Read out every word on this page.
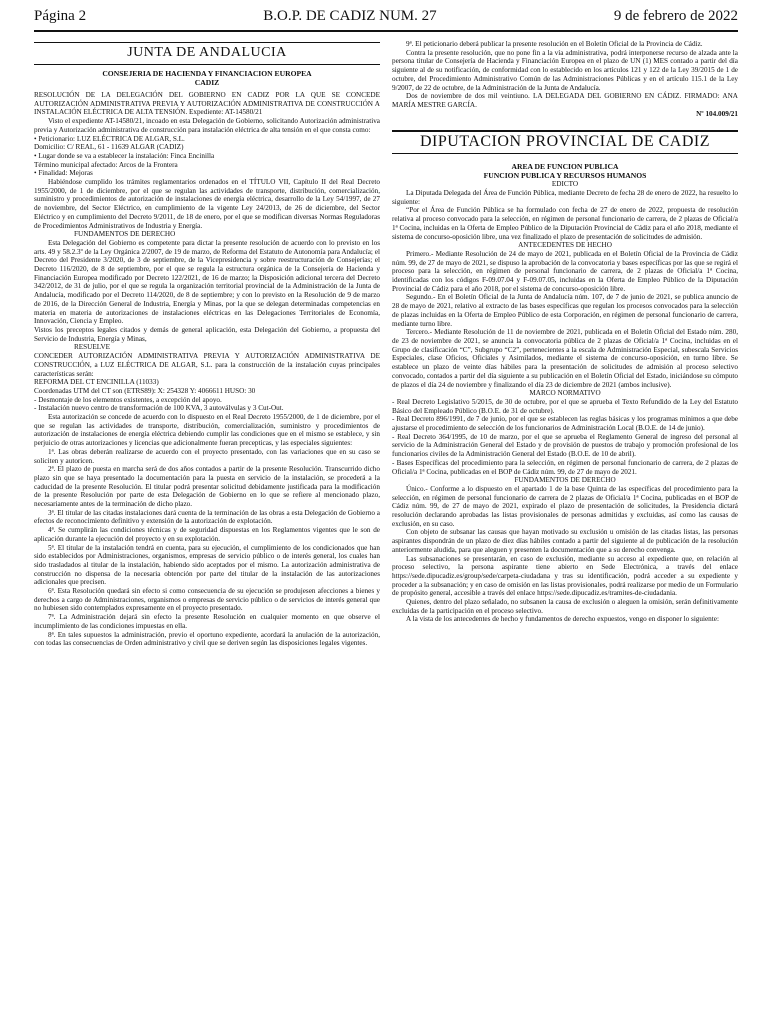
Página 2	B.O.P. DE CADIZ NUM. 27	9 de febrero de 2022
JUNTA DE ANDALUCIA

CONSEJERIA DE HACIENDA Y FINANCIACION EUROPEA

CADIZ

RESOLUCIÓN DE LA DELEGACIÓN DEL GOBIERNO EN CADIZ POR LA QUE SE CONCEDE AUTORIZACIÓN ADMINISTRATIVA PREVIA Y AUTORIZACIÓN ADMINISTRATIVA DE CONSTRUCCIÓN A INSTALACIÓN ELÉCTRICA DE ALTA TENSIÓN. Expediente: AT-14580/21

Visto el expediente AT-14580/21, incoado en esta Delegación de Gobierno, solicitando Autorización administrativa previa y Autorización administrativa de construcción para instalación eléctrica de alta tensión en el que consta como:

• Peticionario: LUZ ELÉCTRICA DE ALGAR, S.L.

Domicilio: C/ REAL, 61 - 11639 ALGAR (CADIZ)

• Lugar donde se va a establecer la instalación: Finca Encinilla

Término municipal afectado: Arcos de la Frontera

• Finalidad: Mejoras

Habiéndose cumplido los trámites reglamentarios ordenados en el TÍTULO VII, Capítulo II del Real Decreto 1955/2000, de 1 de diciembre, por el que se regulan las actividades de transporte, distribución, comercialización, suministro y procedimientos de autorización de instalaciones de energía eléctrica, desarrollo de la Ley 54/1997, de 27 de noviembre, del Sector Eléctrico, en cumplimiento de la vigente Ley 24/2013, de 26 de diciembre, del Sector Eléctrico y en cumplimiento del Decreto 9/2011, de 18 de enero, por el que se modifican diversas Normas Reguladoras de Procedimientos Administrativos de Industria y Energía.

FUNDAMENTOS DE DERECHO

Esta Delegación del Gobierno es competente para dictar la presente resolución de acuerdo con lo previsto en los arts. 49 y 58.2.3º de la Ley Orgánica 2/2007, de 19 de marzo, de Reforma del Estatuto de Autonomía para Andalucía; el Decreto del Presidente 3/2020, de 3 de septiembre, de la Vicepresidencia y sobre reestructuración de Consejerías; el Decreto 116/2020, de 8 de septiembre, por el que se regula la estructura orgánica de la Consejería de Hacienda y Financiación Europea modificado por Decreto 122/2021, de 16 de marzo; la Disposición adicional tercera del Decreto 342/2012, de 31 de julio, por el que se regula la organización territorial provincial de la Administración de la Junta de Andalucía, modificado por el Decreto 114/2020, de 8 de septiembre; y con lo previsto en la Resolución de 9 de marzo de 2016, de la Dirección General de Industria, Energía y Minas, por la que se delegan determinadas competencias en materia en materia de autorizaciones de instalaciones eléctricas en las Delegaciones Territoriales de Economía, Innovación, Ciencia y Empleo.

Vistos los preceptos legales citados y demás de general aplicación, esta Delegación del Gobierno, a propuesta del Servicio de Industria, Energía y Minas,

RESUELVE

CONCEDER AUTORIZACIÓN ADMINISTRATIVA PREVIA Y AUTORIZACIÓN ADMINISTRATIVA DE CONSTRUCCIÓN, a LUZ ELÉCTRICA DE ALGAR, S.L. para la construcción de la instalación cuyas principales características serán:

REFORMA DEL CT ENCINILLA (11033)

Coordenadas UTM del CT son (ETRS89): X: 254328 Y: 4066611 HUSO: 30

- Desmontaje de los elementos existentes, a excepción del apoyo.

- Instalación nuevo centro de transformación de 100 KVA, 3 autoválvulas y 3 Cut-Out.

Esta autorización se concede de acuerdo con lo dispuesto en el Real Decreto 1955/2000, de 1 de diciembre, por el que se regulan las actividades de transporte, distribución, comercialización, suministro y procedimientos de autorización de instalaciones de energía eléctrica debiendo cumplir las condiciones que en el mismo se establece, y sin perjuicio de otras autorizaciones y licencias que adicionalmente fueran precepticas, y las especiales siguientes:

1ª. Las obras deberán realizarse de acuerdo con el proyecto presentado, con las variaciones que en su caso se soliciten y autoricen.

2ª. El plazo de puesta en marcha será de dos años contados a partir de la presente Resolución. Transcurrido dicho plazo sin que se haya presentado la documentación para la puesta en servicio de la instalación, se procederá a la caducidad de la presente Resolución. El titular podrá presentar solicitud debidamente justificada para la modificación de la presente Resolución por parte de esta Delegación de Gobierno en lo que se refiere al mencionado plazo, necesariamente antes de la terminación de dicho plazo.

3ª. El titular de las citadas instalaciones dará cuenta de la terminación de las obras a esta Delegación de Gobierno a efectos de reconocimiento definitivo y extensión de la autorización de explotación.

4ª. Se cumplirán las condiciones técnicas y de seguridad dispuestas en los Reglamentos vigentes que le son de aplicación durante la ejecución del proyecto y en su explotación.

5ª. El titular de la instalación tendrá en cuenta, para su ejecución, el cumplimiento de los condicionados que han sido establecidos por Administraciones, organismos, empresas de servicio público o de interés general, los cuales han sido trasladados al titular de la instalación, habiendo sido aceptados por el mismo. La autorización administrativa de construcción no dispensa de la necesaria obtención por parte del titular de la instalación de las autorizaciones adicionales que precisen.

6ª. Esta Resolución quedará sin efecto si como consecuencia de su ejecución se produjesen afecciones a bienes y derechos a cargo de Administraciones, organismos o empresas de servicio público o de servicios de interés general que no hubiesen sido contemplados expresamente en el proyecto presentado.

7ª. La Administración dejará sin efecto la presente Resolución en cualquier momento en que observe el incumplimiento de las condiciones impuestas en ella.

8ª. En tales supuestos la administración, previo el oportuno expediente, acordará la anulación de la autorización, con todas las consecuencias de Orden administrativo y civil que se deriven según las disposiciones legales vigentes.

9ª. El peticionario deberá publicar la presente resolución en el Boletín Oficial de la Provincia de Cádiz.

Contra la presente resolución, que no pone fin a la vía administrativa, podrá interponerse recurso de alzada ante la persona titular de Consejería de Hacienda y Financiación Europea en el plazo de UN (1) MES contado a partir del día siguiente al de su notificación, de conformidad con lo establecido en los artículos 121 y 122 de la Ley 39/2015 de 1 de octubre, del Procedimiento Administrativo Común de las Administraciones Públicas y en el artículo 115.1 de la Ley 9/2007, de 22 de octubre, de la Administración de la Junta de Andalucía.

Dos de noviembre de dos mil veintiuno. LA DELEGADA DEL GOBIERNO EN CÁDIZ. FIRMADO: ANA MARÍA MESTRE GARCÍA.

Nº 104.009/21
DIPUTACION PROVINCIAL DE CADIZ

AREA DE FUNCION PUBLICA

FUNCION PUBLICA Y RECURSOS HUMANOS

EDICTO

La Diputada Delegada del Área de Función Pública, mediante Decreto de fecha 28 de enero de 2022, ha resuelto lo siguiente:

“Por el Área de Función Pública se ha formulado con fecha de 27 de enero de 2022, propuesta de resolución relativa al proceso convocado para la selección, en régimen de personal funcionario de carrera, de 2 plazas de Oficial/a 1ª Cocina, incluidas en la Oferta de Empleo Público de la Diputación Provincial de Cádiz para el año 2018, mediante el sistema de concurso-oposición libre, una vez finalizado el plazo de presentación de solicitudes de admisión.

ANTECEDENTES DE HECHO

Primero.- Mediante Resolución de 24 de mayo de 2021, publicada en el Boletín Oficial de la Provincia de Cádiz núm. 99, de 27 de mayo de 2021, se dispuso la aprobación de la convocatoria y bases específicas por las que se regirá el proceso para la selección, en régimen de personal funcionario de carrera, de 2 plazas de Oficial/a 1ª Cocina, identificadas con los códigos F-09.07.04 y F-09.07.05, incluidas en la Oferta de Empleo Público de la Diputación Provincial de Cádiz para el año 2018, por el sistema de concurso-oposición libre.

Segundo.- En el Boletín Oficial de la Junta de Andalucía núm. 107, de 7 de junio de 2021, se publica anuncio de 28 de mayo de 2021, relativo al extracto de las bases específicas que regulan los procesos convocados para la selección de plazas incluidas en la Oferta de Empleo Público de esta Corporación, en régimen de personal funcionario de carrera, mediante turno libre.

Tercero.- Mediante Resolución de 11 de noviembre de 2021, publicada en el Boletín Oficial del Estado núm. 280, de 23 de noviembre de 2021, se anuncia la convocatoria pública de 2 plazas de Oficial/a 1ª Cocina, incluidas en el Grupo de clasificación “C”, Subgrupo “C2”, pertenecientes a la escala de Administración Especial, subescala Servicios Especiales, clase Oficios, Oficiales y Asimilados, mediante el sistema de concurso-oposición, en turno libre. Se establece un plazo de veinte días hábiles para la presentación de solicitudes de admisión al proceso selectivo convocado, contados a partir del día siguiente a su publicación en el Boletín Oficial del Estado, iniciándose su cómputo de plazos el día 24 de noviembre y finalizando el día 23 de diciembre de 2021 (ambos inclusive).

MARCO NORMATIVO

- Real Decreto Legislativo 5/2015, de 30 de octubre, por el que se aprueba el Texto Refundido de la Ley del Estatuto Básico del Empleado Público (B.O.E. de 31 de octubre).

- Real Decreto 896/1991, de 7 de junio, por el que se establecen las reglas básicas y los programas mínimos a que debe ajustarse el procedimiento de selección de los funcionarios de Administración Local (B.O.E. de 14 de junio).

- Real Decreto 364/1995, de 10 de marzo, por el que se aprueba el Reglamento General de ingreso del personal al servicio de la Administración General del Estado y de provisión de puestos de trabajo y promoción profesional de los funcionarios civiles de la Administración General del Estado (B.O.E. de 10 de abril).

- Bases Específicas del procedimiento para la selección, en régimen de personal funcionario de carrera, de 2 plazas de Oficial/a 1ª Cocina, publicadas en el BOP de Cádiz núm. 99, de 27 de mayo de 2021.

FUNDAMENTOS DE DERECHO

Único.- Conforme a lo dispuesto en el apartado 1 de la base Quinta de las específicas del procedimiento para la selección, en régimen de personal funcionario de carrera de 2 plazas de Oficial/a 1ª Cocina, publicadas en el BOP de Cádiz núm. 99, de 27 de mayo de 2021, expirado el plazo de presentación de solicitudes, la Presidencia dictará resolución declarando aprobadas las listas provisionales de personas admitidas y excluidas, así como las causas de exclusión, en su caso.

Con objeto de subsanar las causas que hayan motivado su exclusión u omisión de las citadas listas, las personas aspirantes dispondrán de un plazo de diez días hábiles contado a partir del siguiente al de publicación de la resolución anteriormente aludida, para que aleguen y presenten la documentación que a su derecho convenga.

Las subsanaciones se presentarán, en caso de exclusión, mediante su acceso al expediente que, en relación al proceso selectivo, la persona aspirante tiene abierto en Sede Electrónica, a través del enlace https://sede.dipucadiz.es/group/sede/carpeta-ciudadana y tras su identificación, podrá acceder a su expediente y proceder a la subsanación; y en caso de omisión en las listas provisionales, podrá realizarse por medio de un Formulario de propósito general, accesible a través del enlace https://sede.dipucadiz.es/tramites-de-ciudadania.

Quienes, dentro del plazo señalado, no subsanen la causa de exclusión o aleguen la omisión, serán definitivamente excluidas de la participación en el proceso selectivo.

A la vista de los antecedentes de hecho y fundamentos de derecho expuestos, vengo en disponer lo siguiente:
